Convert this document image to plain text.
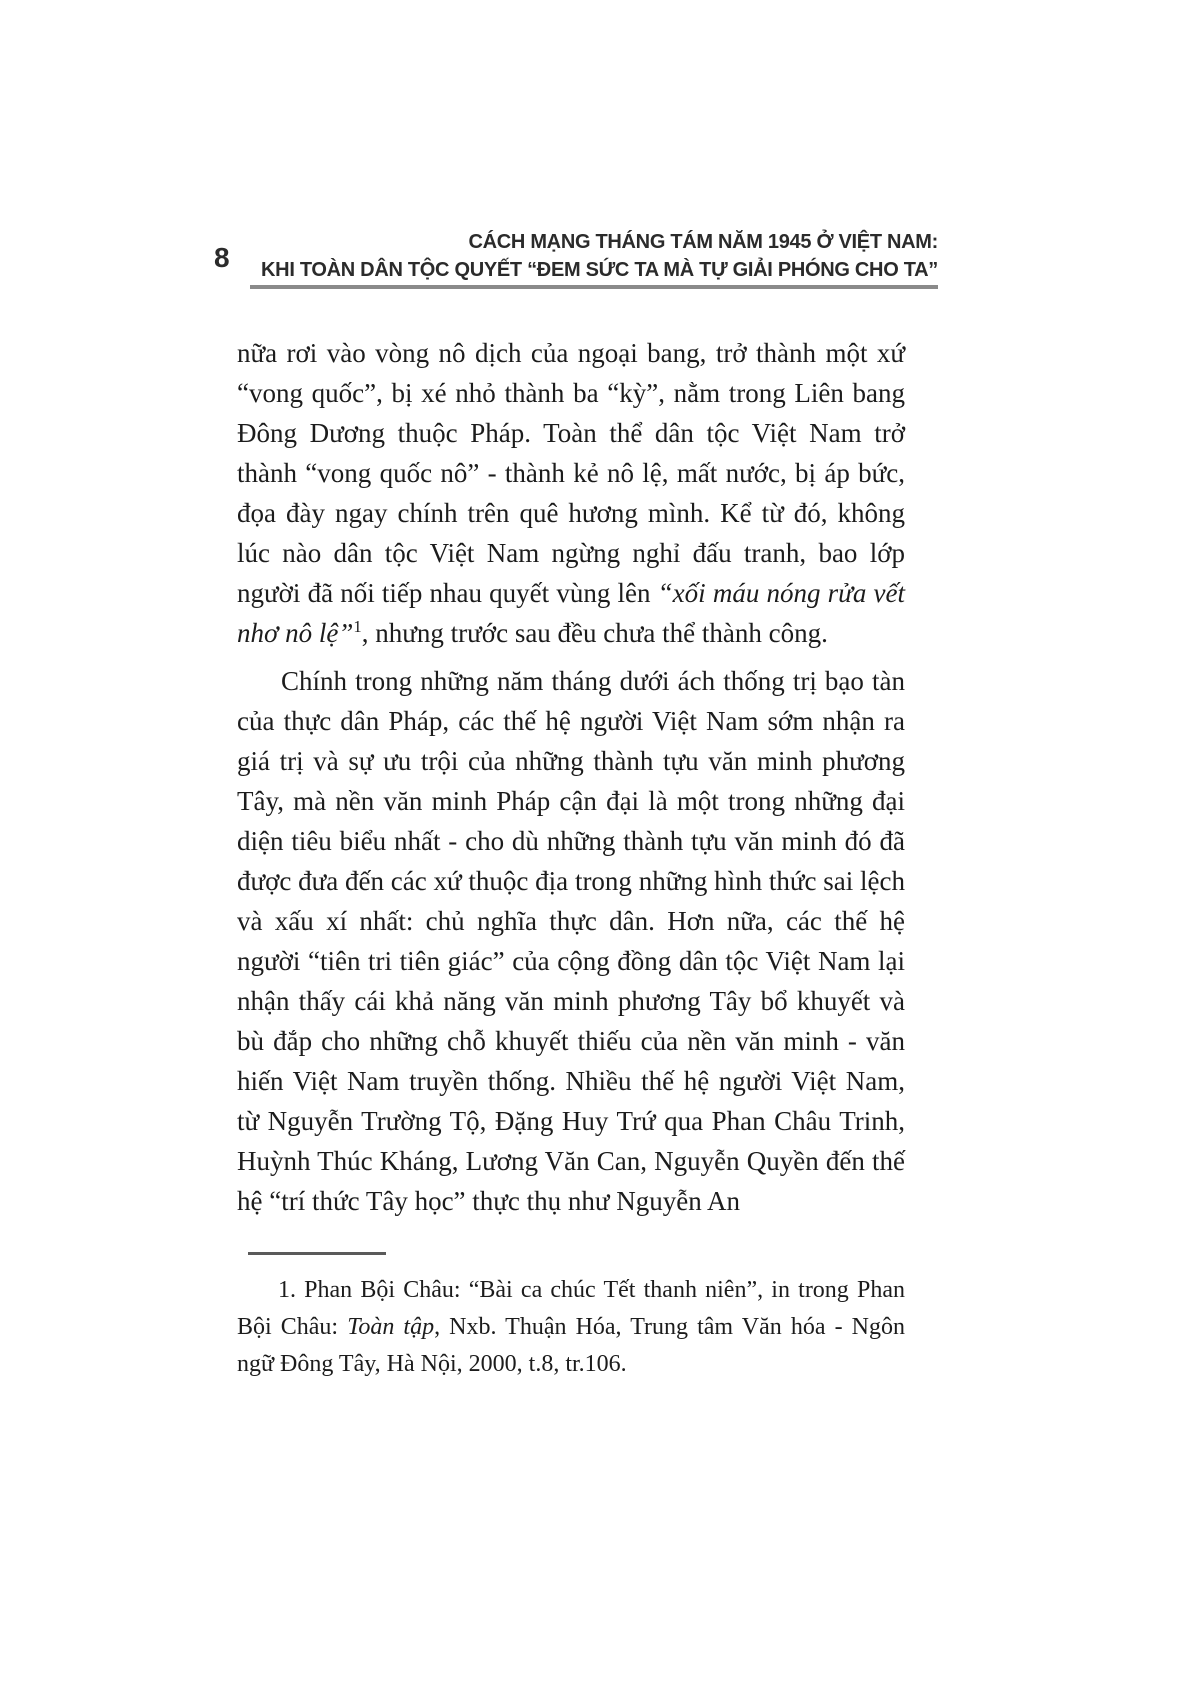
8	CÁCH MẠNG THÁNG TÁM NĂM 1945 Ở VIỆT NAM:
KHI TOÀN DÂN TỘC QUYẾT “ĐEM SỨC TA MÀ TỰ GIẢI PHÓNG CHO TA”

nữa rơi vào vòng nô dịch của ngoại bang, trở thành một xứ “vong quốc”, bị xé nhỏ thành ba “kỳ”, nằm trong Liên bang Đông Dương thuộc Pháp. Toàn thể dân tộc Việt Nam trở thành “vong quốc nô” - thành kẻ nô lệ, mất nước, bị áp bức, đọa đày ngay chính trên quê hương mình. Kể từ đó, không lúc nào dân tộc Việt Nam ngừng nghỉ đấu tranh, bao lớp người đã nối tiếp nhau quyết vùng lên “xối máu nóng rửa vết nhơ nô lệ”$^1$, nhưng trước sau đều chưa thể thành công.

Chính trong những năm tháng dưới ách thống trị bạo tàn của thực dân Pháp, các thế hệ người Việt Nam sớm nhận ra giá trị và sự ưu trội của những thành tựu văn minh phương Tây, mà nền văn minh Pháp cận đại là một trong những đại diện tiêu biểu nhất - cho dù những thành tựu văn minh đó đã được đưa đến các xứ thuộc địa trong những hình thức sai lệch và xấu xí nhất: chủ nghĩa thực dân. Hơn nữa, các thế hệ người “tiên tri tiên giác” của cộng đồng dân tộc Việt Nam lại nhận thấy cái khả năng văn minh phương Tây bổ khuyết và bù đắp cho những chỗ khuyết thiếu của nền văn minh - văn hiến Việt Nam truyền thống. Nhiều thế hệ người Việt Nam, từ Nguyễn Trường Tộ, Đặng Huy Trứ qua Phan Châu Trinh, Huỳnh Thúc Kháng, Lương Văn Can, Nguyễn Quyền đến thế hệ “trí thức Tây học” thực thụ như Nguyễn An

1. Phan Bội Châu: “Bài ca chúc Tết thanh niên”, in trong Phan Bội Châu: Toàn tập, Nxb. Thuận Hóa, Trung tâm Văn hóa - Ngôn ngữ Đông Tây, Hà Nội, 2000, t.8, tr.106.
